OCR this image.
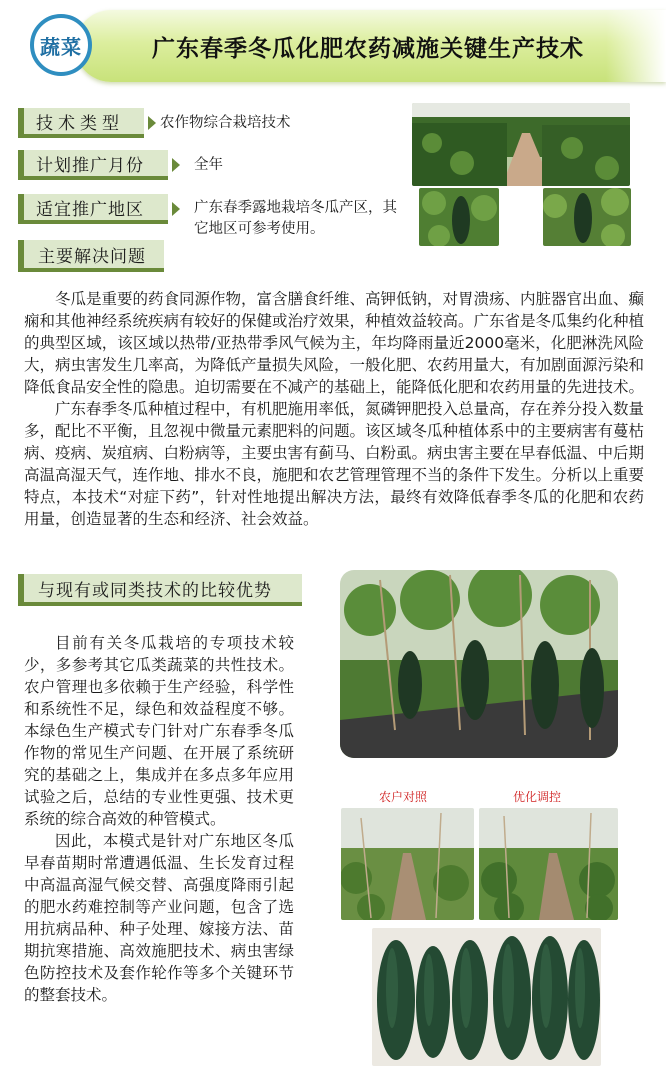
蔬菜	广东春季冬瓜化肥农药减施关键生产技术
技术类型	农作物综合栽培技术
计划推广月份	全年
适宜推广地区	广东春季露地栽培冬瓜产区，其它地区可参考使用。
主要解决问题

冬瓜是重要的药食同源作物，富含膳食纤维、高钾低钠，对胃溃疡、内脏器官出血、癫痫和其他神经系统疾病有较好的保健或治疗效果，种植效益较高。广东省是冬瓜集约化种植的典型区域，该区域以热带/亚热带季风气候为主，年均降雨量近2000毫米，化肥淋洗风险大，病虫害发生几率高，为降低产量损失风险，一般化肥、农药用量大，有加剧面源污染和降低食品安全性的隐患。迫切需要在不减产的基础上，能降低化肥和农药用量的先进技术。

广东春季冬瓜种植过程中，有机肥施用率低，氮磷钾肥投入总量高，存在养分投入数量多，配比不平衡，且忽视中微量元素肥料的问题。该区域冬瓜种植体系中的主要病害有蔓枯病、疫病、炭疽病、白粉病等，主要虫害有蓟马、白粉虱。病虫害主要在早春低温、中后期高温高湿天气，连作地、排水不良，施肥和农艺管理管理不当的条件下发生。分析以上重要特点，本技术“对症下药”，针对性地提出解决方法，最终有效降低春季冬瓜的化肥和农药用量，创造显著的生态和经济、社会效益。

与现有或同类技术的比较优势

目前有关冬瓜栽培的专项技术较少，多参考其它瓜类蔬菜的共性技术。农户管理也多依赖于生产经验，科学性和系统性不足，绿色和效益程度不够。本绿色生产模式专门针对广东春季冬瓜作物的常见生产问题、在开展了系统研究的基础之上，集成并在多点多年应用试验之后，总结的专业性更强、技术更系统的综合高效的种管模式。

因此，本模式是针对广东地区冬瓜早春苗期时常遭遇低温、生长发育过程中高温高湿气候交替、高强度降雨引起的肥水药难控制等产业问题，包含了选用抗病品种、种子处理、嫁接方法、苗期抗寒措施、高效施肥技术、病虫害绿色防控技术及套作轮作等多个关键环节的整套技术。

农户对照	优化调控
